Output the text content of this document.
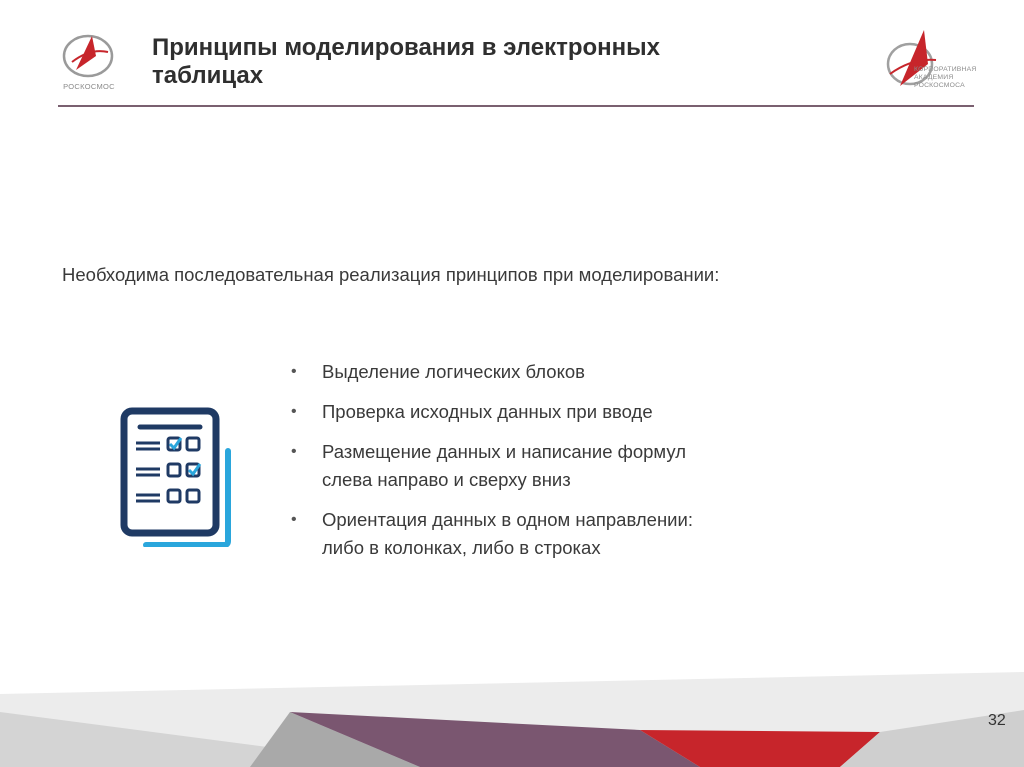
РОСКОСМОС
Принципы моделирования в электронных
таблицах	КОРПОРАТИВНАЯ
АКАДЕМИЯ
РОСКОСМОСА

Необходима последовательная реализация принципов при моделировании:

• Выделение логических блоков
• Проверка исходных данных при вводе
• Размещение данных и написание формул
слева направо и сверху вниз
• Ориентация данных в одном направлении:
либо в колонках, либо в строках
32
